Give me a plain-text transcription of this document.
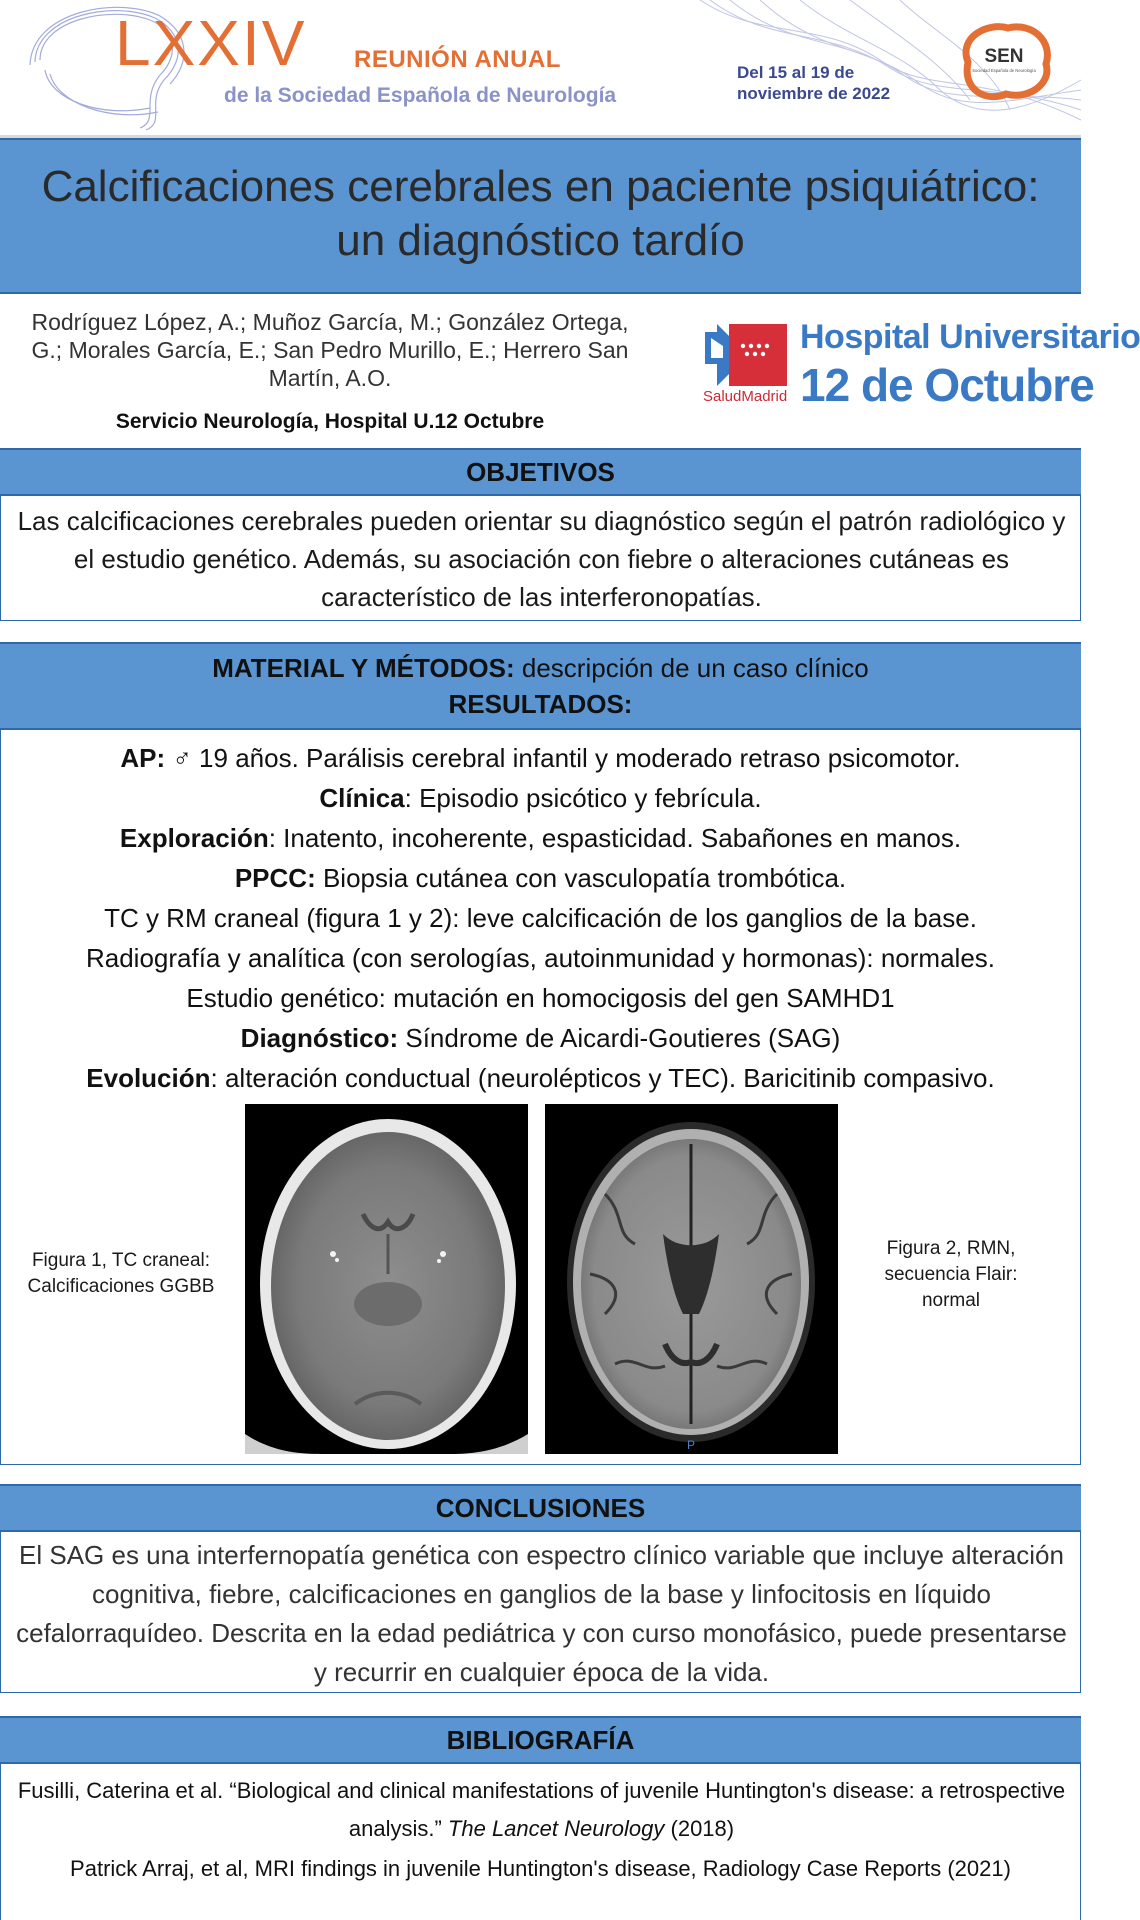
LXXIV REUNIÓN ANUAL
de la Sociedad Española de Neurología
Del 15 al 19 de
noviembre de 2022
SEN
Sociedad Española de Neurología
Calcificaciones cerebrales en paciente psiquiátrico:
un diagnóstico tardío
Rodríguez López, A.; Muñoz García, M.; González Ortega, G.; Morales García, E.; San Pedro Murillo, E.; Herrero San Martín, A.O.
Servicio Neurología, Hospital U.12 Octubre
SaludMadrid
Hospital Universitario
12 de Octubre
OBJETIVOS
Las calcificaciones cerebrales pueden orientar su diagnóstico según el patrón radiológico y el estudio genético. Además, su asociación con fiebre o alteraciones cutáneas es característico de las interferonopatías.
MATERIAL Y MÉTODOS: descripción de un caso clínico
RESULTADOS:
AP: ♂ 19 años. Parálisis cerebral infantil y moderado retraso psicomotor.
Clínica: Episodio psicótico y febrícula.
Exploración: Inatento, incoherente, espasticidad. Sabañones en manos.
PPCC: Biopsia cutánea con vasculopatía trombótica.
TC y RM craneal (figura 1 y 2): leve calcificación de los ganglios de la base.
Radiografía y analítica (con serologías, autoinmunidad y hormonas): normales.
Estudio genético: mutación en homocigosis del gen SAMHD1
Diagnóstico: Síndrome de Aicardi-Goutieres (SAG)
Evolución: alteración conductual (neurolépticos y TEC). Baricitinib compasivo.
Figura 1, TC craneal: Calcificaciones GGBB
P
Figura 2, RMN, secuencia Flair: normal
CONCLUSIONES
El SAG es una interfernopatía genética con espectro clínico variable que incluye alteración cognitiva, fiebre, calcificaciones en ganglios de la base y linfocitosis en líquido cefalorraquídeo. Descrita en la edad pediátrica y con curso monofásico, puede presentarse y recurrir en cualquier época de la vida.
BIBLIOGRAFÍA
Fusilli, Caterina et al. “Biological and clinical manifestations of juvenile Huntington's disease: a retrospective analysis.” The Lancet Neurology (2018)
Patrick Arraj, et al, MRI findings in juvenile Huntington's disease, Radiology Case Reports (2021)
